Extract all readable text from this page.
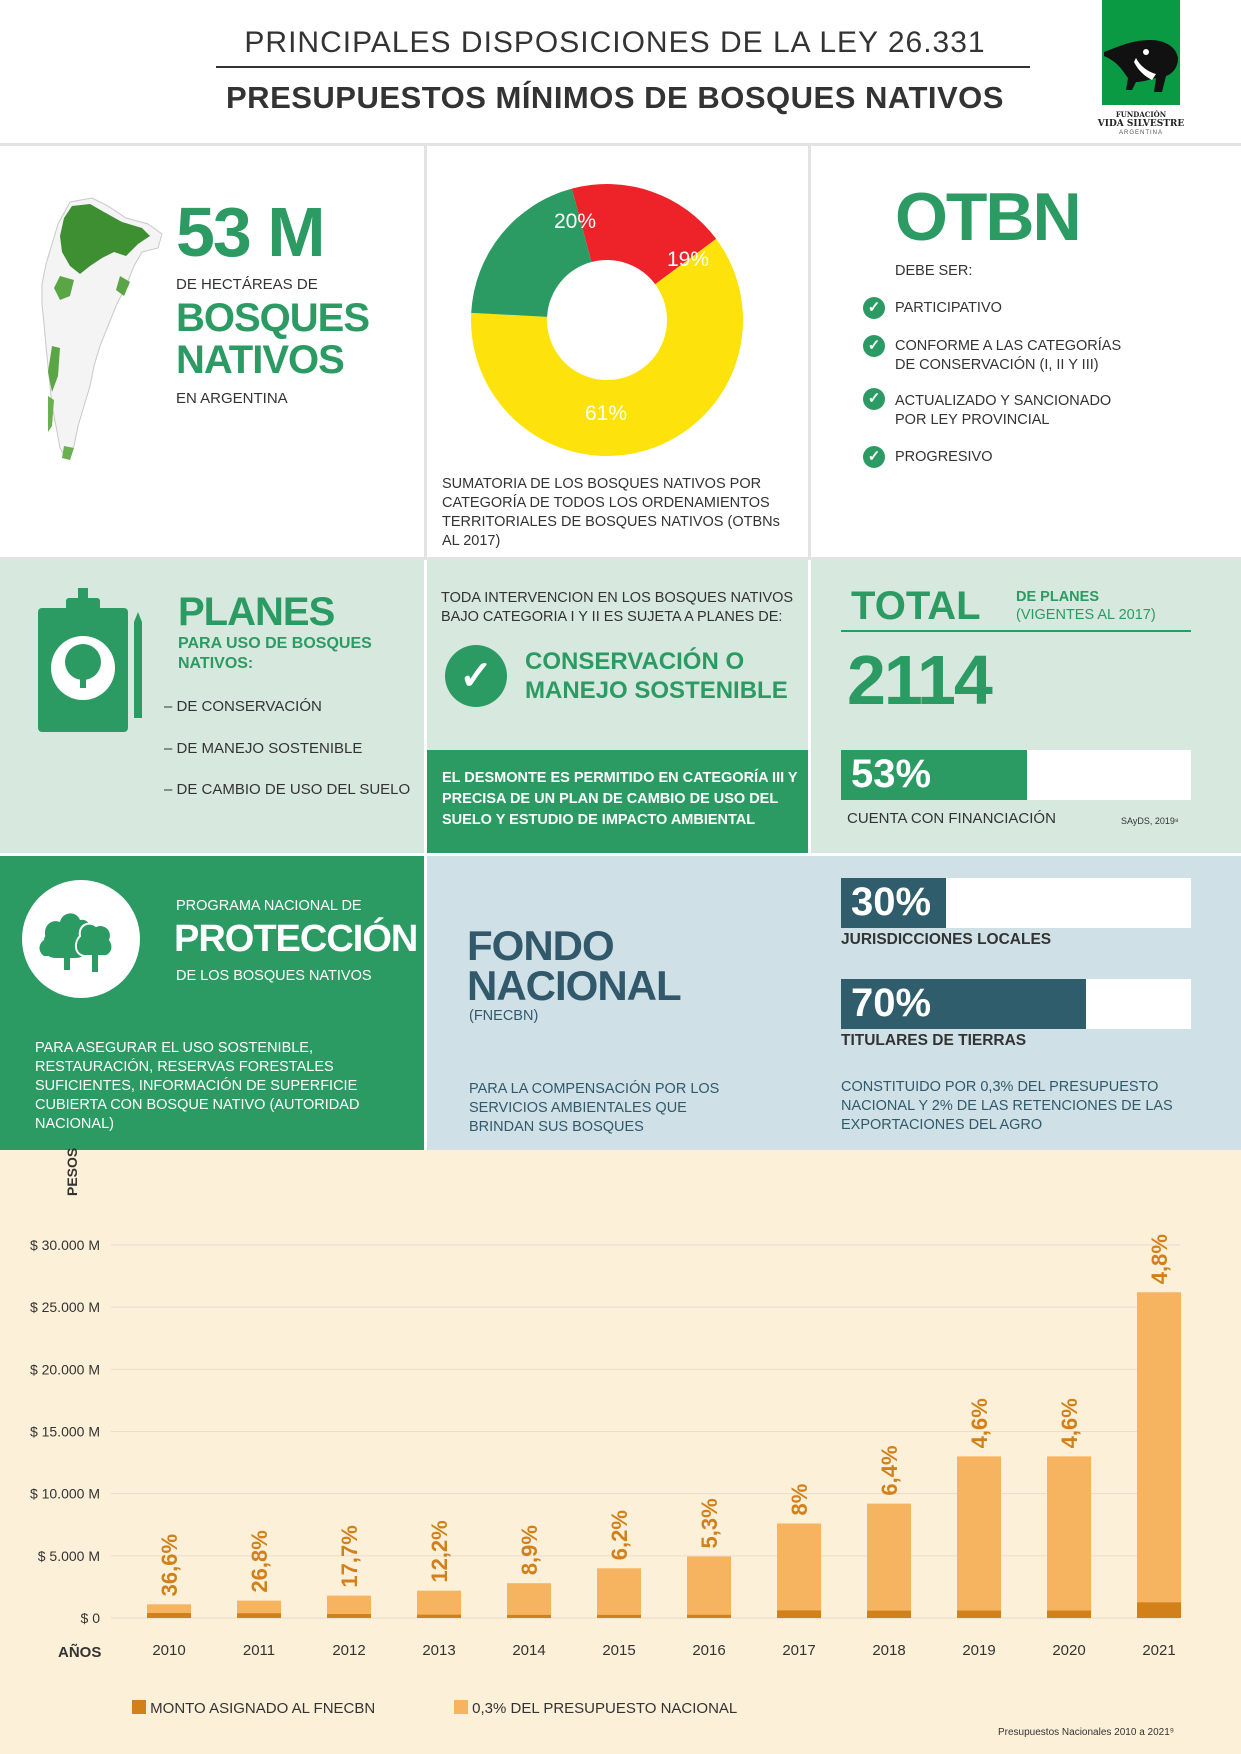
PRINCIPALES DISPOSICIONES DE LA LEY 26.331
PRESUPUESTOS MÍNIMOS DE BOSQUES NATIVOS	FUNDACIÓN
VIDA SILVESTRE
ARGENTINA
53 M
DE HECTÁREAS DE
BOSQUES
NATIVOS
EN ARGENTINA
20%
19%
61%
SUMATORIA DE LOS BOSQUES NATIVOS POR CATEGORÍA DE TODOS LOS ORDENAMIENTOS TERRITORIALES DE BOSQUES NATIVOS (OTBNs AL 2017)
OTBN
DEBE SER:
✓	PARTICIPATIVO
✓	CONFORME A LAS CATEGORÍAS DE CONSERVACIÓN (I, II Y III)
✓	ACTUALIZADO Y SANCIONADO POR LEY PROVINCIAL
✓	PROGRESIVO
PLANES
PARA USO DE BOSQUES NATIVOS:
– DE CONSERVACIÓN
– DE MANEJO SOSTENIBLE
– DE CAMBIO DE USO DEL SUELO
TODA INTERVENCION EN LOS BOSQUES NATIVOS BAJO CATEGORIA I Y II ES SUJETA A PLANES DE:
✓	CONSERVACIÓN O
MANEJO SOSTENIBLE
EL DESMONTE ES PERMITIDO EN CATEGORÍA III Y PRECISA DE UN PLAN DE CAMBIO DE USO DEL SUELO Y ESTUDIO DE IMPACTO AMBIENTAL
TOTAL DE PLANES
(VIGENTES AL 2017)
2114
53%
CUENTA CON FINANCIACIÓN	SAyDS, 2019⁸
PROGRAMA NACIONAL DE
PROTECCIÓN
DE LOS BOSQUES NATIVOS
PARA ASEGURAR EL USO SOSTENIBLE, RESTAURACIÓN, RESERVAS FORESTALES SUFICIENTES, INFORMACIÓN DE SUPERFICIE CUBIERTA CON BOSQUE NATIVO (AUTORIDAD NACIONAL)
FONDO
NACIONAL
(FNECBN)
PARA LA COMPENSACIÓN POR LOS SERVICIOS AMBIENTALES QUE BRINDAN SUS BOSQUES
30%
JURISDICCIONES LOCALES
70%
TITULARES DE TIERRAS
CONSTITUIDO POR 0,3% DEL PRESUPUESTO NACIONAL Y 2% DE LAS RETENCIONES DE LAS EXPORTACIONES DEL AGRO
$ 0
$ 5.000 M
$ 10.000 M
$ 15.000 M
$ 20.000 M
$ 25.000 M
$ 30.000 M
36,6%
2010
26,8%
2011
17,7%
2012
12,2%
2013
8,9%
2014
6,2%
2015
5,3%
2016
8%
2017
6,4%
2018
4,6%
2019
4,6%
2020
4,8%
2021
PESOS
AÑOS
MONTO ASIGNADO AL FNECBN	0,3% DEL PRESUPUESTO NACIONAL
Presupuestos Nacionales 2010 a 2021⁹
